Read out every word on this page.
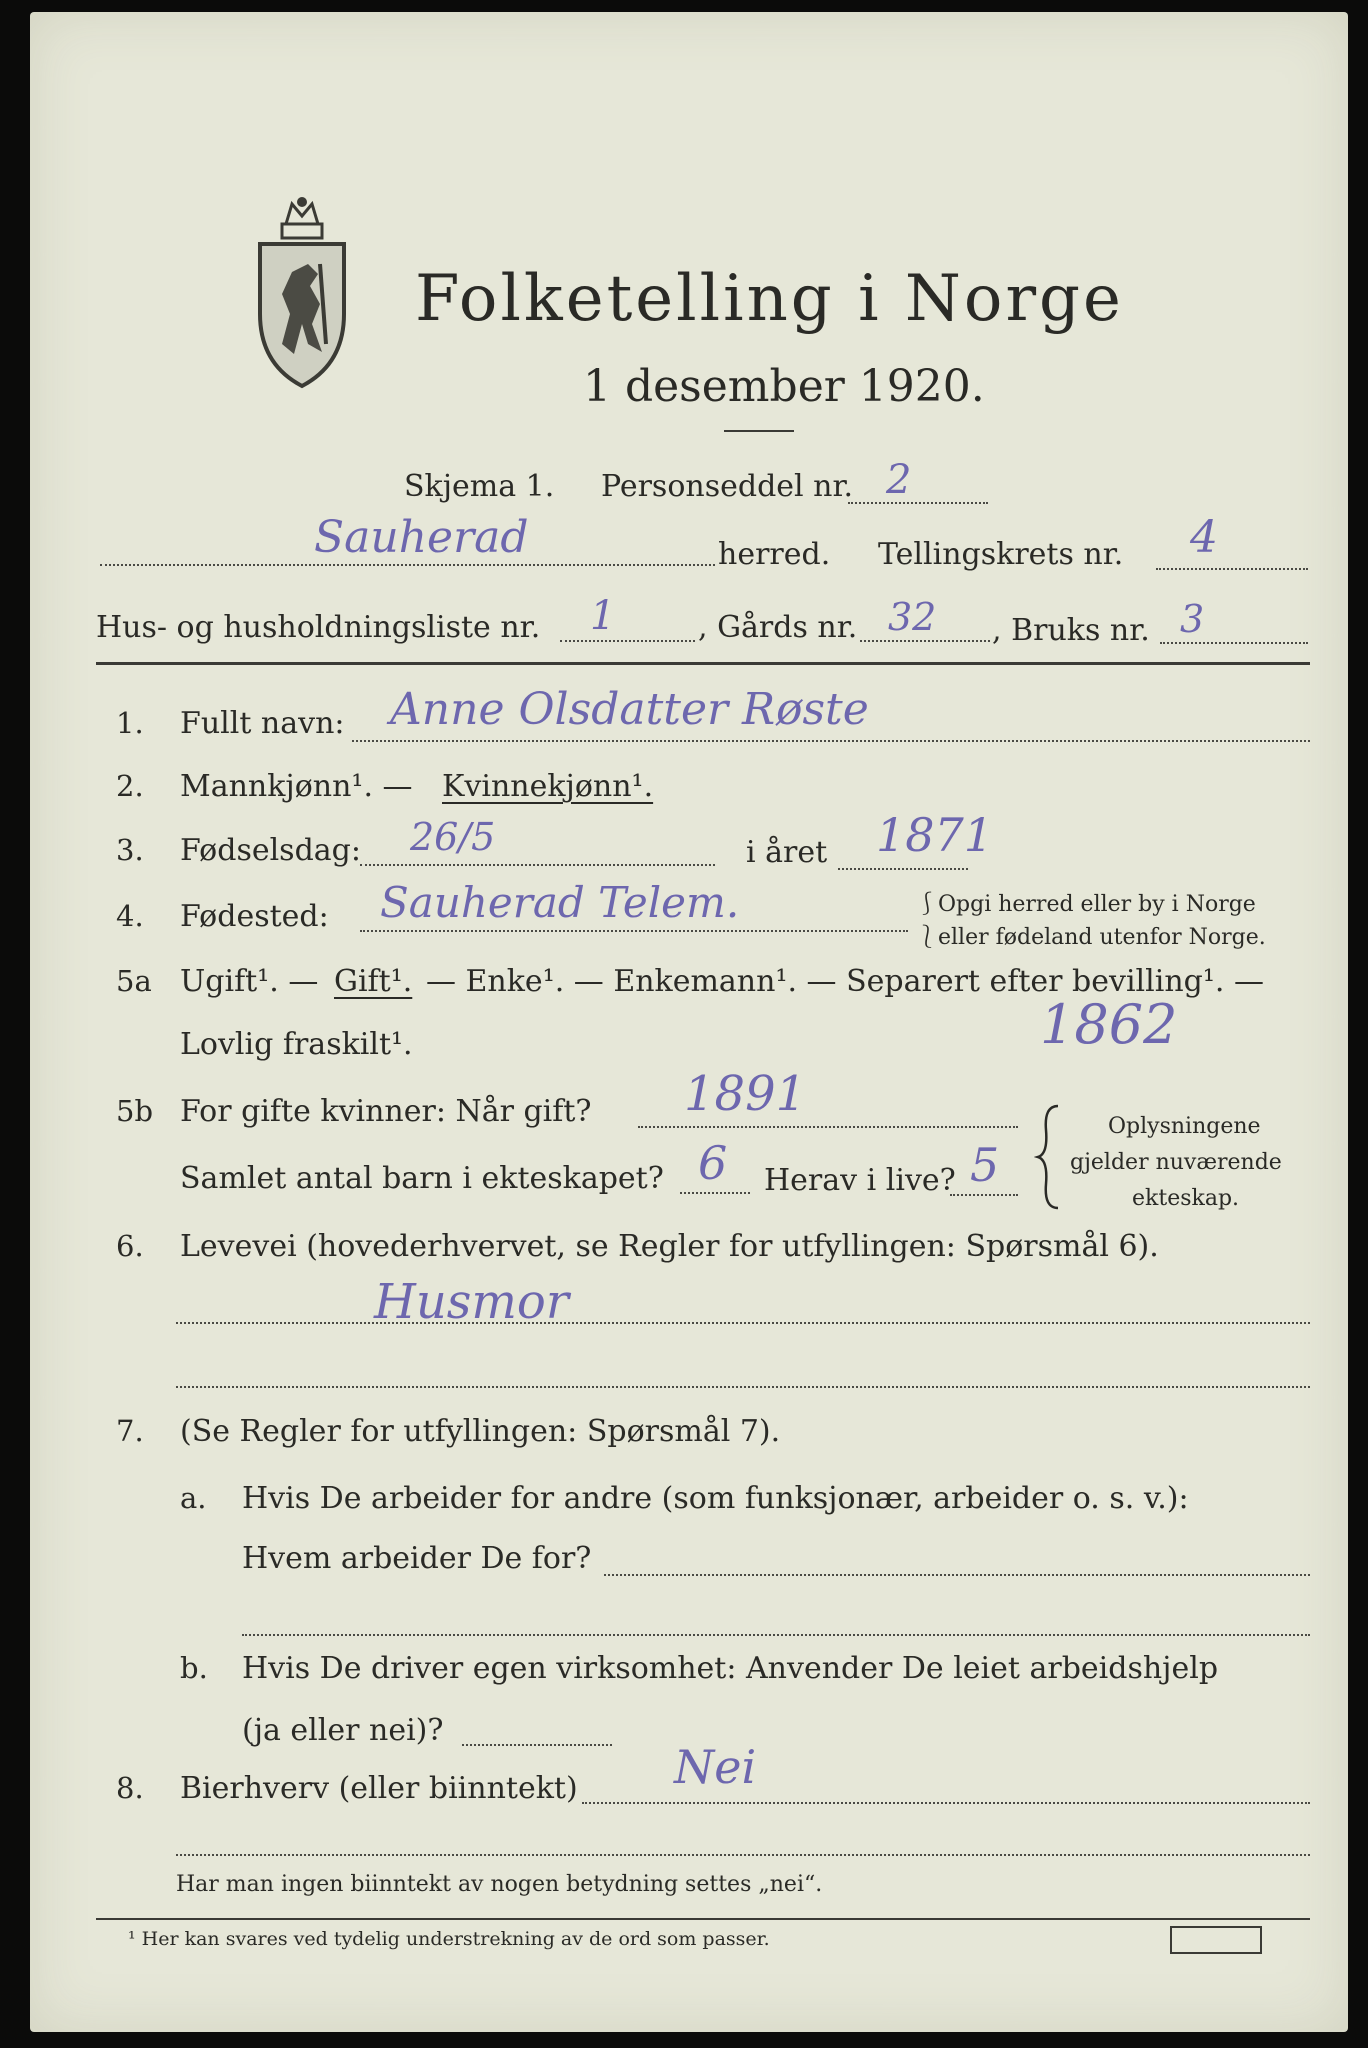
Folketelling i Norge
1 desember 1920.
Skjema 1. Personseddel nr. 2
Sauherad	herred. Tellingskrets nr. 4
Hus- og husholdningsliste nr. 1	, Gårds nr. 32 , Bruks nr. 3
1. Fullt navn: Anne Olsdatter Røste
2. Mannkjønn¹. — Kvinnekjønn¹.
3. Fødselsdag: 26/5	i året 1871
4. Fødested: Sauherad Telem.	⎰Opgi herred eller by i Norge
⎱eller fødeland utenfor Norge.
5a Ugift¹. — Gift¹. — Enke¹. — Enkemann¹. — Separert efter bevilling¹. —
Lovlig fraskilt¹.	1862
5b For gifte kvinner: Når gift? 1891
Samlet antal barn i ekteskapet? 6 Herav i live? 5
Oplysningene
gjelder nuværende
ekteskap.
6. Levevei (hovederhvervet, se Regler for utfyllingen: Spørsmål 6).
Husmor
7. (Se Regler for utfyllingen: Spørsmål 7).
a. Hvis De arbeider for andre (som funksjonær, arbeider o. s. v.):
Hvem arbeider De for?
b. Hvis De driver egen virksomhet: Anvender De leiet arbeidshjelp
(ja eller nei)?
8. Bierhverv (eller biinntekt) Nei
Har man ingen biinntekt av nogen betydning settes „nei“.
¹ Her kan svares ved tydelig understrekning av de ord som passer.
